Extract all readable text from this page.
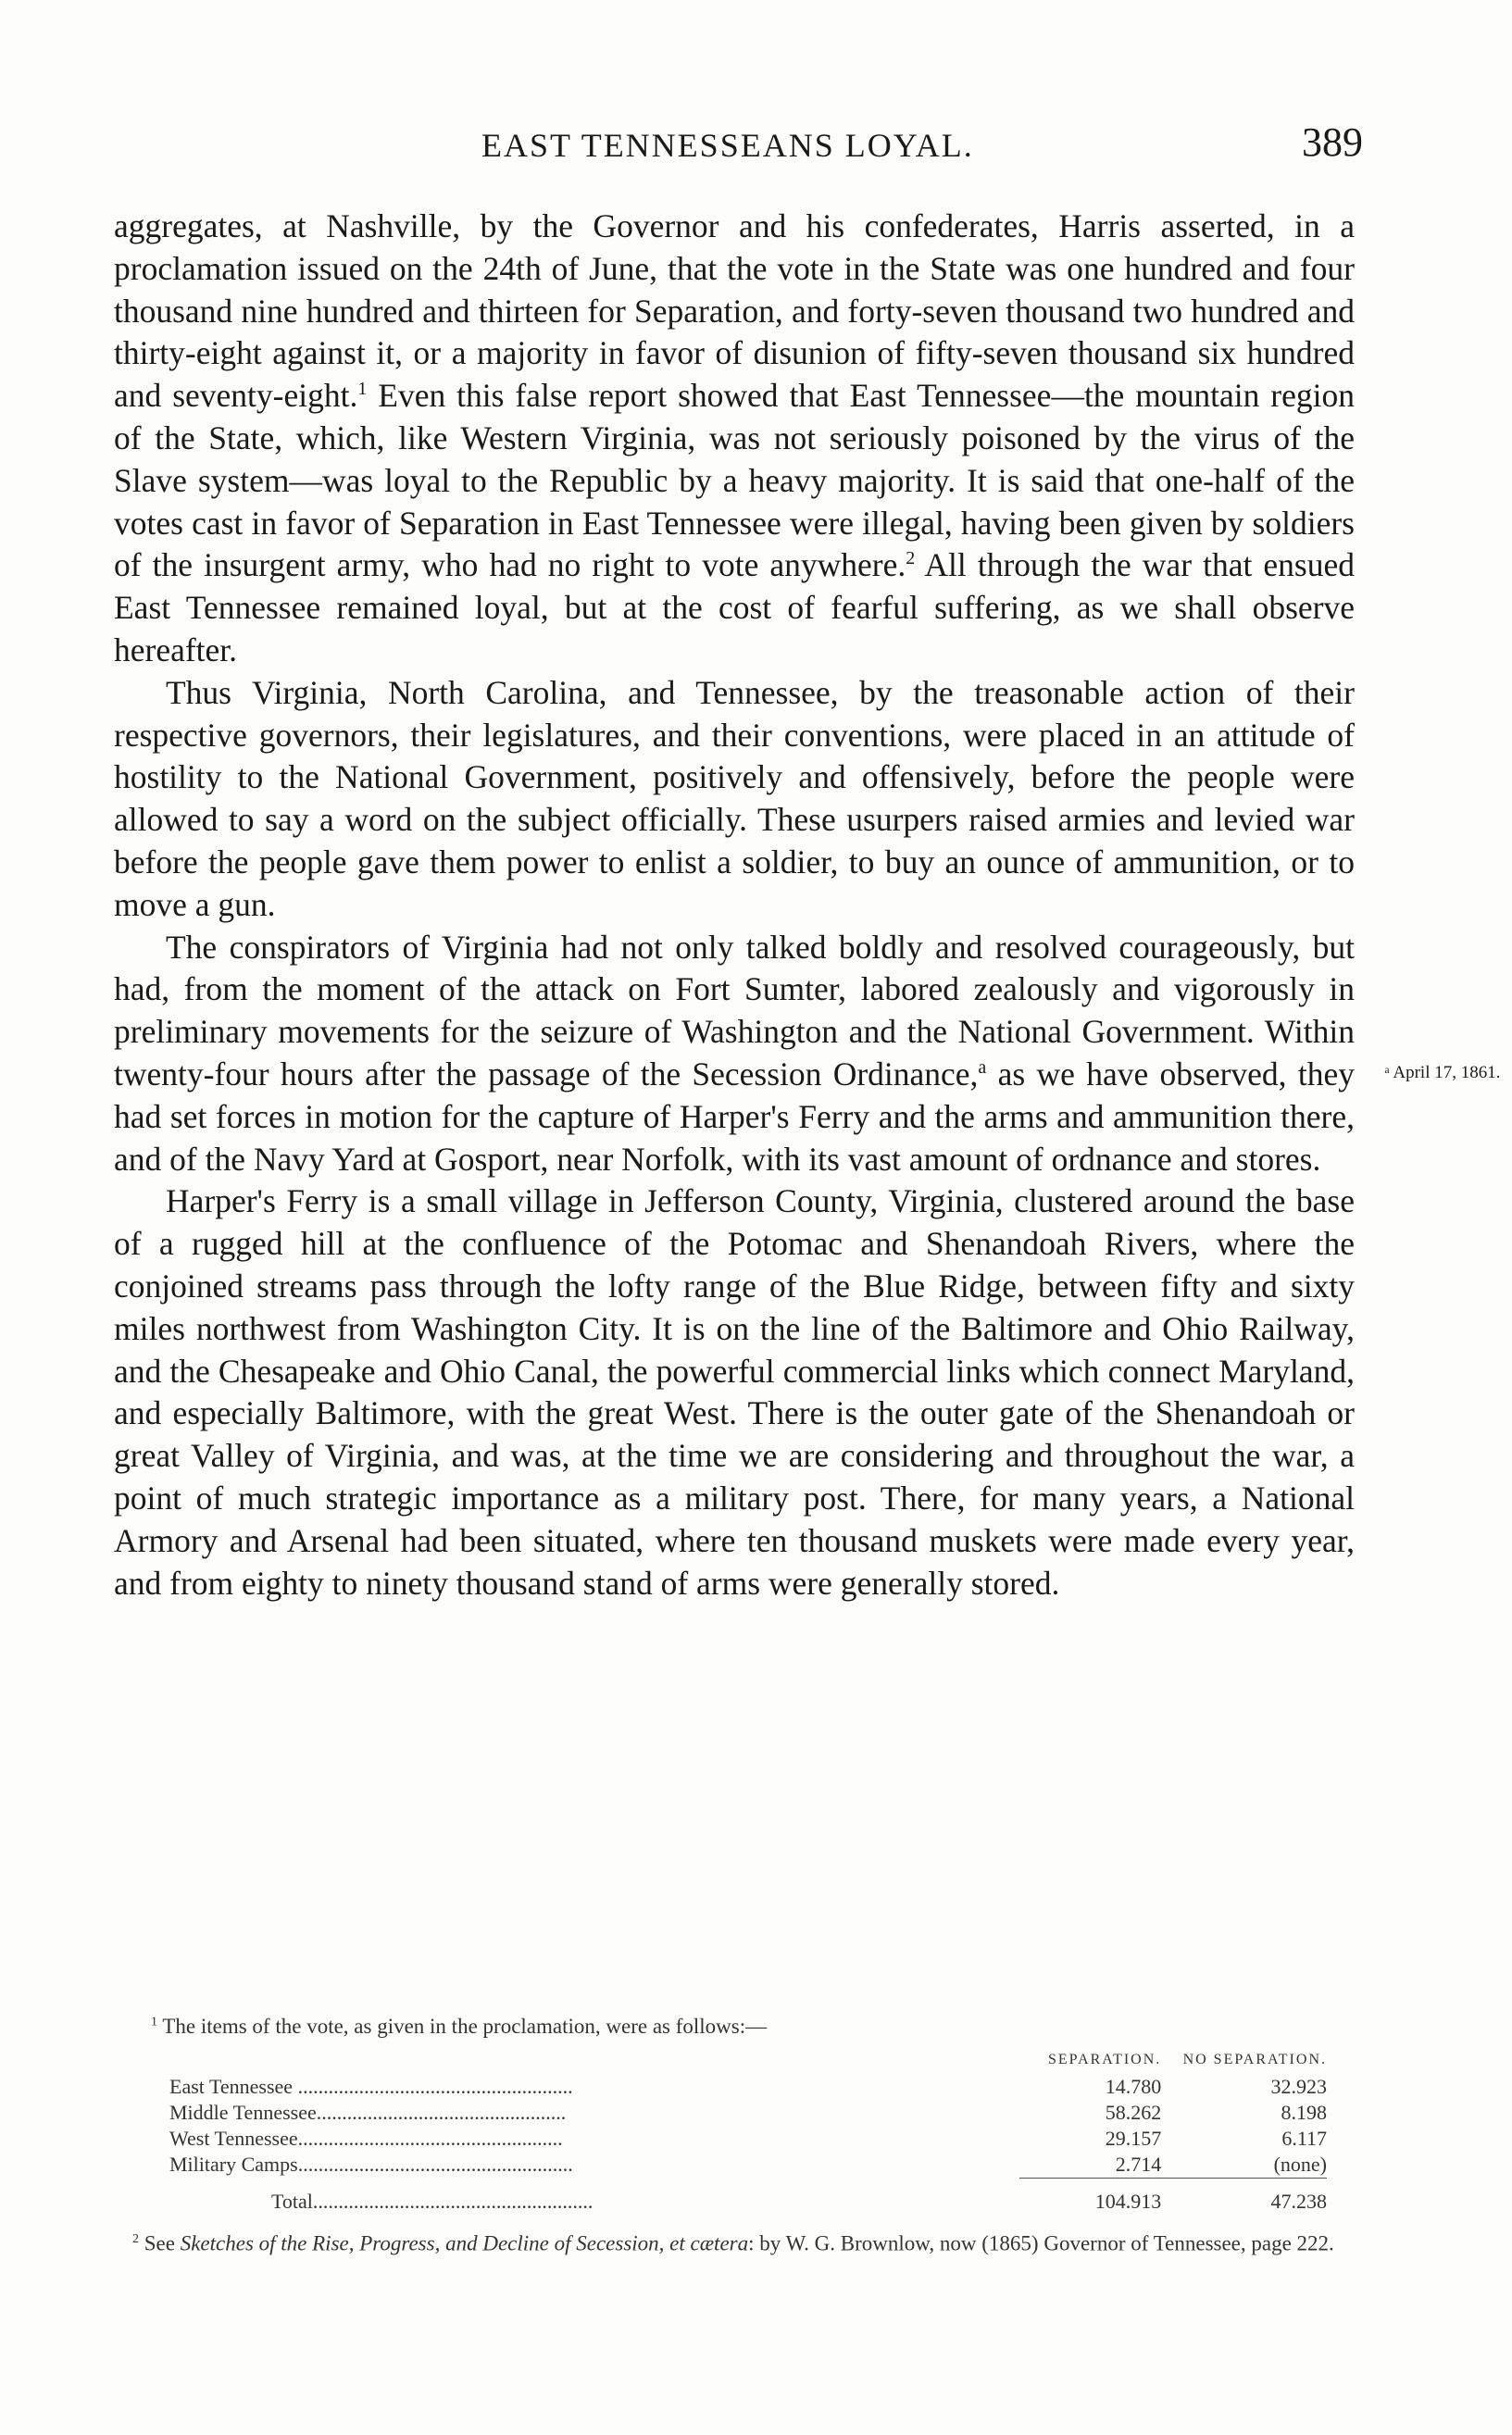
EAST TENNESSEANS LOYAL.	389

aggregates, at Nashville, by the Governor and his confederates, Harris asserted, in a proclamation issued on the 24th of June, that the vote in the State was one hundred and four thousand nine hundred and thirteen for Separation, and forty-seven thousand two hundred and thirty-eight against it, or a majority in favor of disunion of fifty-seven thousand six hundred and seventy-eight.$^1$ Even this false report showed that East Tennessee—the mountain region of the State, which, like Western Virginia, was not seriously poisoned by the virus of the Slave system—was loyal to the Republic by a heavy majority. It is said that one-half of the votes cast in favor of Separation in East Tennessee were illegal, having been given by soldiers of the insurgent army, who had no right to vote anywhere.$^2$ All through the war that ensued East Tennessee remained loyal, but at the cost of fearful suffering, as we shall observe hereafter.

Thus Virginia, North Carolina, and Tennessee, by the treasonable action of their respective governors, their legislatures, and their conventions, were placed in an attitude of hostility to the National Government, positively and offensively, before the people were allowed to say a word on the subject officially. These usurpers raised armies and levied war before the people gave them power to enlist a soldier, to buy an ounce of ammunition, or to move a gun.

The conspirators of Virginia had not only talked boldly and resolved courageously, but had, from the moment of the attack on Fort Sumter, labored zealously and vigorously in preliminary movements for the seizure of Washington and the National Government. Within twenty-four hours after the passage of the Secession Ordinance,$^a$	ᵃ April 17, 1861.
as we have observed, they had set forces in motion for the capture of Harper's Ferry and the arms and ammunition there, and of the Navy Yard at Gosport, near Norfolk, with its vast amount of ordnance and stores.

Harper's Ferry is a small village in Jefferson County, Virginia, clustered around the base of a rugged hill at the confluence of the Potomac and Shenandoah Rivers, where the conjoined streams pass through the lofty range of the Blue Ridge, between fifty and sixty miles northwest from Washington City. It is on the line of the Baltimore and Ohio Railway, and the Chesapeake and Ohio Canal, the powerful commercial links which connect Maryland, and especially Baltimore, with the great West. There is the outer gate of the Shenandoah or great Valley of Virginia, and was, at the time we are considering and throughout the war, a point of much strategic importance as a military post. There, for many years, a National Armory and Arsenal had been situated, where ten thousand muskets were made every year, and from eighty to ninety thousand stand of arms were generally stored.

$^1$ The items of the vote, as given in the proclamation, were as follows:—
	SEPARATION.	NO SEPARATION.
East Tennessee ......................................................	14.780	32.923
Middle Tennessee.................................................	58.262	8.198
West Tennessee....................................................	29.157	6.117
Military Camps......................................................	2.714	(none)
Total.......................................................	104.913	47.238
$^2$ See Sketches of the Rise, Progress, and Decline of Secession, et cætera: by W. G. Brownlow, now (1865) Governor of Tennessee, page 222.
